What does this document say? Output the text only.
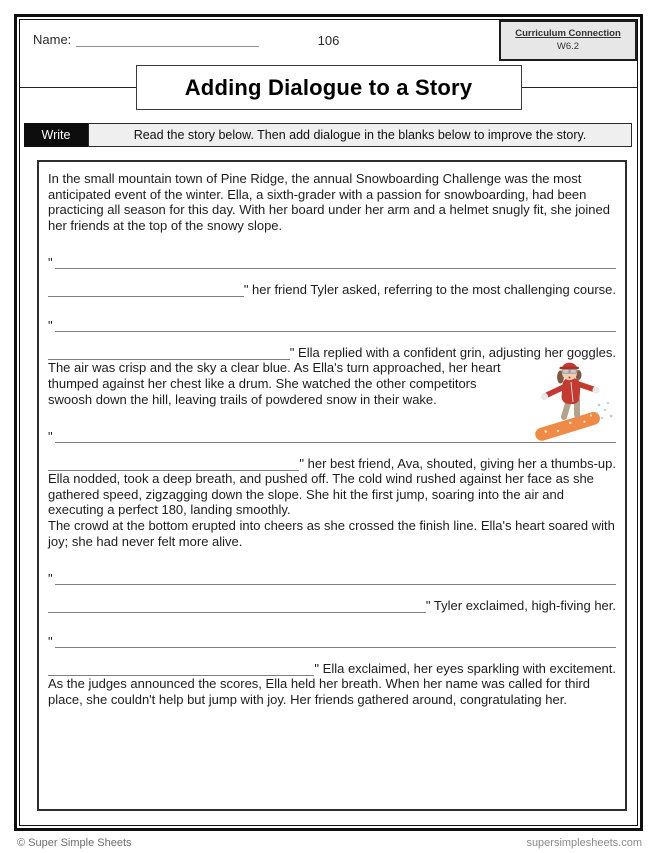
Name:	106	Curriculum Connection
W6.2
Adding Dialogue to a Story
Write	Read the story below. Then add dialogue in the blanks below to improve the story.

In the small mountain town of Pine Ridge, the annual Snowboarding Challenge was the most anticipated event of the winter. Ella, a sixth-grader with a passion for snowboarding, had been practicing all season for this day. With her board under her arm and a helmet snugly fit, she joined her friends at the top of the snowy slope.

"
" her friend Tyler asked, referring to the most challenging course.
"
" Ella replied with a confident grin, adjusting her goggles.

The air was crisp and the sky a clear blue. As Ella's turn approached, her heart thumped against her chest like a drum. She watched the other competitors swoosh down the hill, leaving trails of powdered snow in their wake.

"
" her best friend, Ava, shouted, giving her a thumbs-up.

Ella nodded, took a deep breath, and pushed off. The cold wind rushed against her face as she gathered speed, zigzagging down the slope. She hit the first jump, soaring into the air and executing a perfect 180, landing smoothly.

The crowd at the bottom erupted into cheers as she crossed the finish line. Ella's heart soared with joy; she had never felt more alive.

"
" Tyler exclaimed, high-fiving her.
"
" Ella exclaimed, her eyes sparkling with excitement.

As the judges announced the scores, Ella held her breath. When her name was called for third place, she couldn't help but jump with joy. Her friends gathered around, congratulating her.

© Super Simple Sheets	supersimplesheets.com
